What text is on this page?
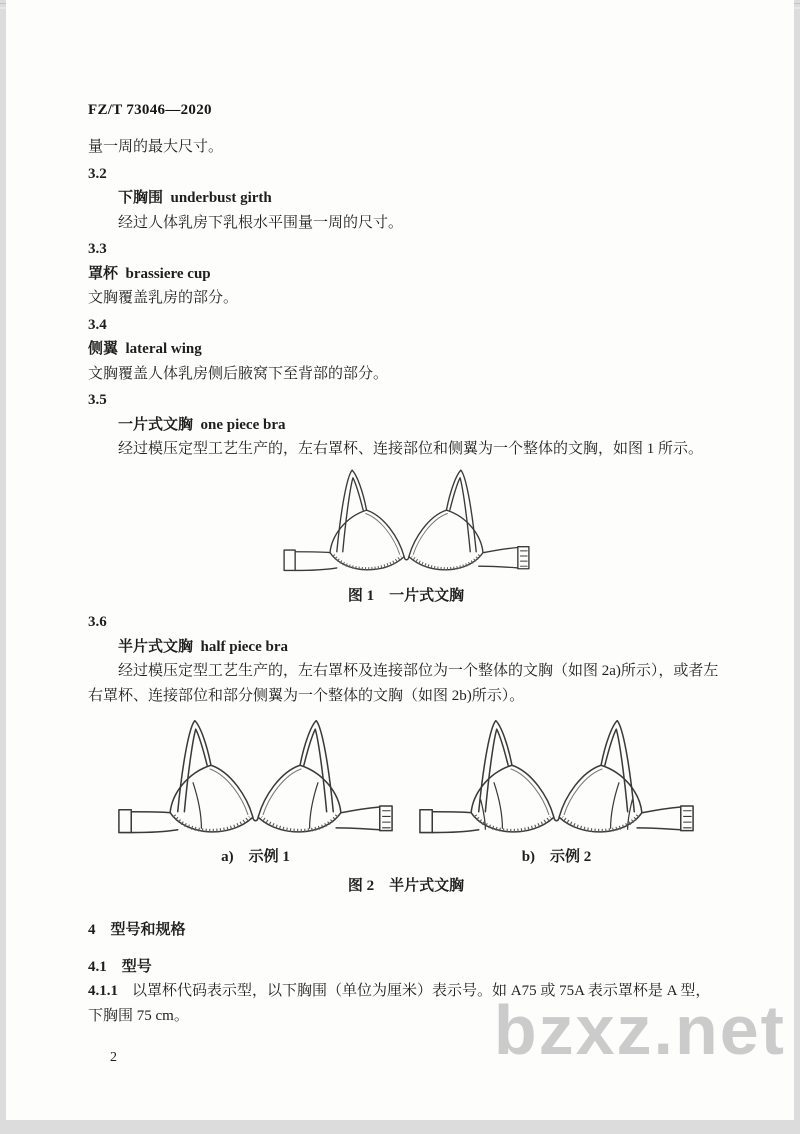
FZ/T 73046—2020

量一周的最大尺寸。

3.2

下胸围  underbust girth

经过人体乳房下乳根水平围量一周的尺寸。

3.3

罩杯  brassiere cup

文胸覆盖乳房的部分。

3.4

侧翼  lateral wing

文胸覆盖人体乳房侧后腋窝下至背部的部分。

3.5

一片式文胸  one piece bra

经过模压定型工艺生产的，左右罩杯、连接部位和侧翼为一个整体的文胸，如图 1 所示。

图 1　一片式文胸

3.6

半片式文胸  half piece bra

经过模压定型工艺生产的，左右罩杯及连接部位为一个整体的文胸（如图 2a)所示），或者左右罩杯、连接部位和部分侧翼为一个整体的文胸（如图 2b)所示）。

a)　示例 1	b)　示例 2

图 2　半片式文胸

4　型号和规格

4.1　型号

4.1.1 以罩杯代码表示型，以下胸围（单位为厘米）表示号。如 A75 或 75A 表示罩杯是 A 型，下胸围 75 cm。

2	bzxz.net
